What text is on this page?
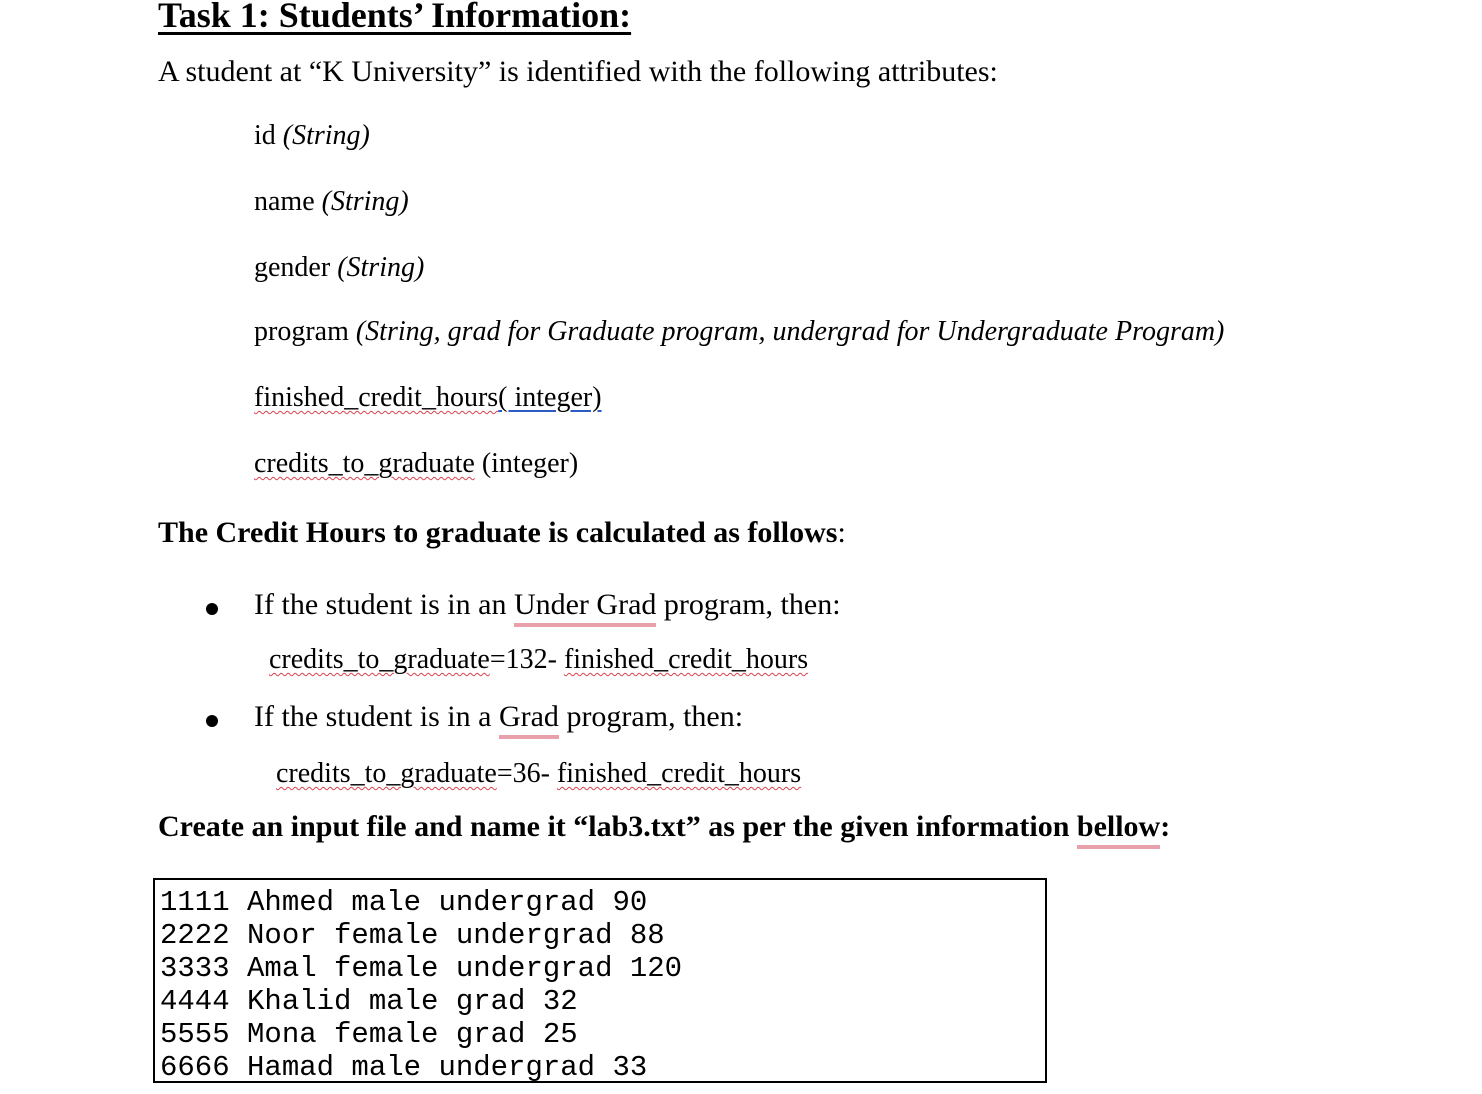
Task 1: Students’ Information:
A student at “K University” is identified with the following attributes:
id (String)
name (String)
gender (String)
program (String, grad for Graduate program, undergrad for Undergraduate Program)
finished_credit_hours( integer)
credits_to_graduate (integer)
The Credit Hours to graduate is calculated as follows:
If the student is in an Under Grad program, then:
credits_to_graduate=132- finished_credit_hours
If the student is in a Grad program, then:
credits_to_graduate=36- finished_credit_hours
Create an input file and name it “lab3.txt” as per the given information bellow:
1111 Ahmed male undergrad 90
2222 Noor female undergrad 88
3333 Amal female undergrad 120
4444 Khalid male grad 32
5555 Mona female grad 25
6666 Hamad male undergrad 33
